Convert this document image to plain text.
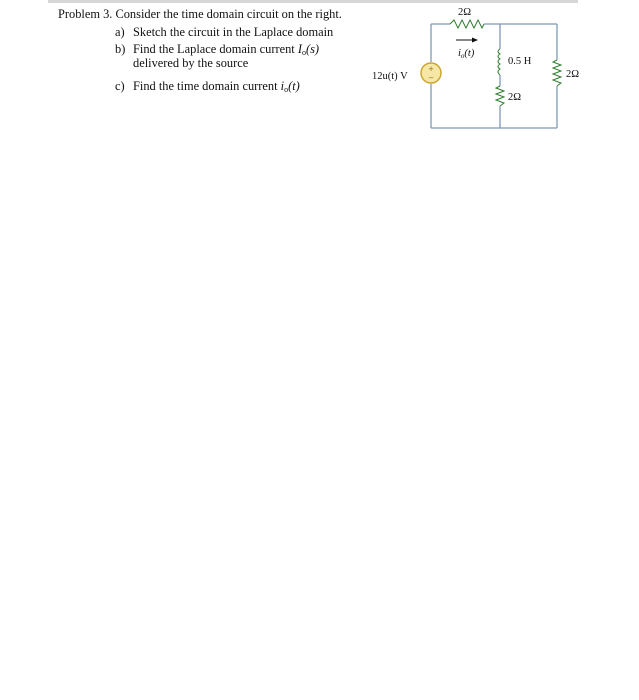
Problem 3. Consider the time domain circuit on the right.
a) Sketch the circuit in the Laplace domain
b) Find the Laplace domain current $I_o(s)$
delivered by the source
c) Find the time domain current $i_o(t)$
+
−
2Ω
io(t)
0.5 H
2Ω
2Ω
12u(t) V
